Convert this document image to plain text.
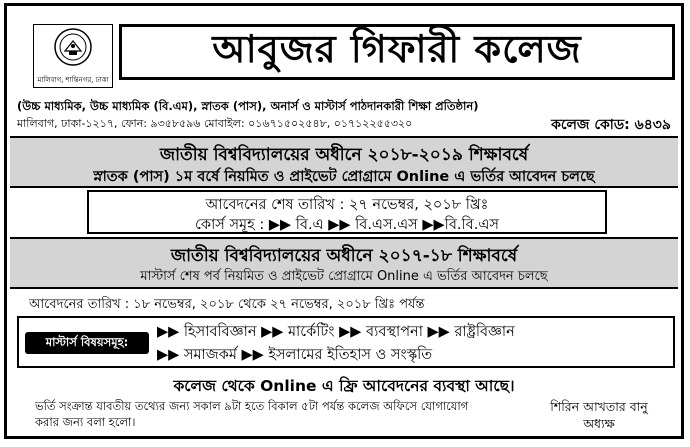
মালিবাগ, শান্তিনগর, ঢাকা
আবুজর গিফারী কলেজ
(উচ্চ মাধ্যমিক, উচ্চ মাধ্যমিক (বি.এম), স্নাতক (পাস), অনার্স ও মাস্টার্স পাঠদানকারী শিক্ষা প্রতিষ্ঠান)
মালিবাগ, ঢাকা-১২১৭, ফোন: ৯৩৫৮৫৯৬ মোবাইল: ০১৬৭১৫০২৫৪৮, ০১৭১২২৫৫৩২০	কলেজ কোড: ৬৪৩৯
জাতীয় বিশ্ববিদ্যালয়ের অধীনে ২০১৮-২০১৯ শিক্ষাবর্ষে
স্নাতক (পাস) ১ম বর্ষে নিয়মিত ও প্রাইভেট প্রোগ্রামে Online এ ভর্তির আবেদন চলছে
আবেদনের শেষ তারিখ : ২৭ নভেম্বর, ২০১৮ খ্রিঃ
কোর্স সমূহ : ▶▶ বি.এ ▶▶ বি.এস.এস ▶▶বি.বি.এস
জাতীয় বিশ্ববিদ্যালয়ের অধীনে ২০১৭-১৮ শিক্ষাবর্ষে
মাস্টার্স শেষ পর্ব নিয়মিত ও প্রাইভেট প্রোগ্রামে Online এ ভর্তির আবেদন চলছে
আবেদনের তারিখ : ১৮ নভেম্বর, ২০১৮ থেকে ২৭ নভেম্বর, ২০১৮ খ্রিঃ পর্যন্ত
মাস্টার্স বিষয়সমূহ:
▶▶ হিসাববিজ্ঞান ▶▶ মার্কেটিং ▶▶ ব্যবস্থাপনা ▶▶ রাষ্ট্রবিজ্ঞান
▶▶ সমাজকর্ম ▶▶ ইসলামের ইতিহাস ও সংস্কৃতি
কলেজ থেকে Online এ ফ্রি আবেদনের ব্যবস্থা আছে।
ভর্তি সংক্রান্ত যাবতীয় তথ্যের জন্য সকাল ৯টা হতে বিকাল ৫টা পর্যন্ত কলেজ অফিসে যোগাযোগ করার জন্য বলা হলো।
শিরিন আখতার বানু
অধ্যক্ষ
